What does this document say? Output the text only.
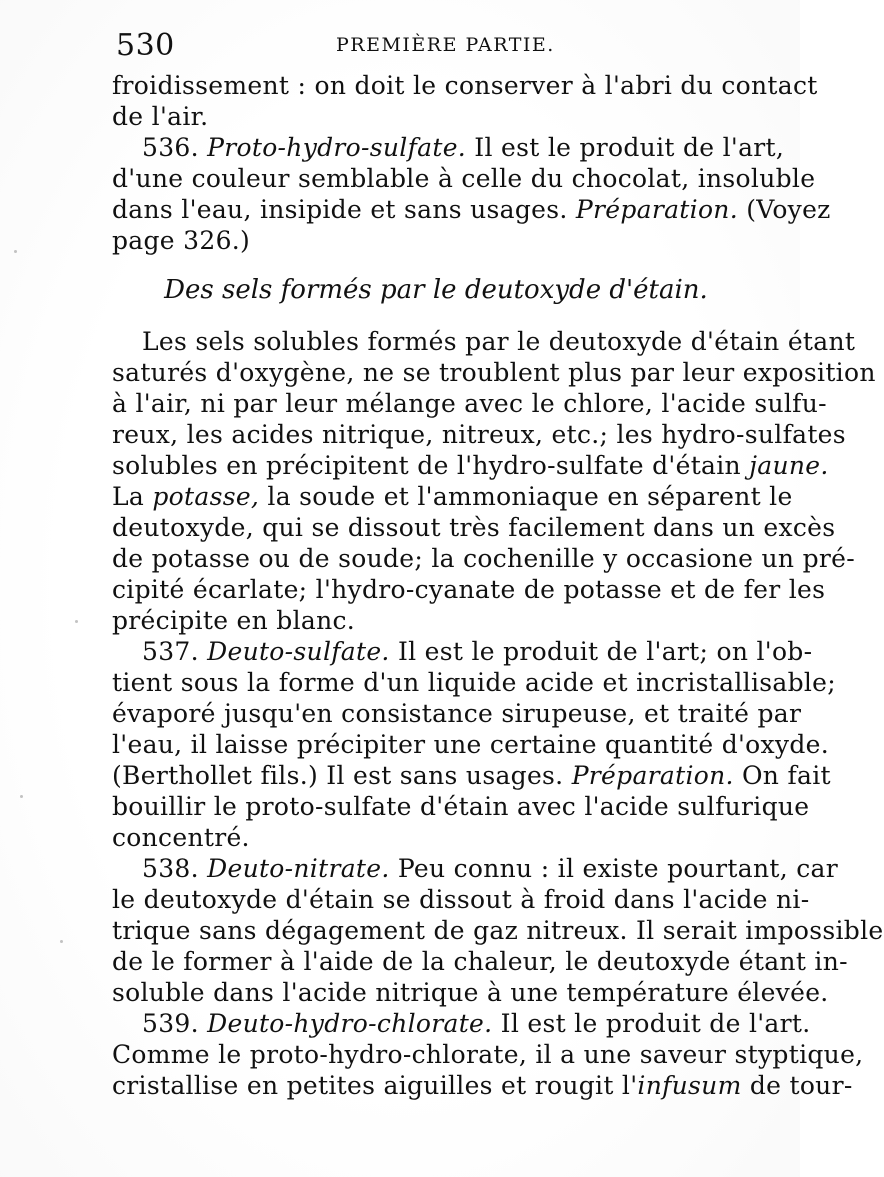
530	PREMIÈRE PARTIE.
froidissement : on doit le conserver à l'abri du contact
de l'air.
536. Proto-hydro-sulfate. Il est le produit de l'art,
d'une couleur semblable à celle du chocolat, insoluble
dans l'eau, insipide et sans usages. Préparation. (Voyez
page 326.)
Des sels formés par le deutoxyde d'étain.
Les sels solubles formés par le deutoxyde d'étain étant
saturés d'oxygène, ne se troublent plus par leur exposition
à l'air, ni par leur mélange avec le chlore, l'acide sulfu-
reux, les acides nitrique, nitreux, etc.; les hydro-sulfates
solubles en précipitent de l'hydro-sulfate d'étain jaune.
La potasse, la soude et l'ammoniaque en séparent le
deutoxyde, qui se dissout très facilement dans un excès
de potasse ou de soude; la cochenille y occasione un pré-
cipité écarlate; l'hydro-cyanate de potasse et de fer les
précipite en blanc.
537. Deuto-sulfate. Il est le produit de l'art; on l'ob-
tient sous la forme d'un liquide acide et incristallisable;
évaporé jusqu'en consistance sirupeuse, et traité par
l'eau, il laisse précipiter une certaine quantité d'oxyde.
(Berthollet fils.) Il est sans usages. Préparation. On fait
bouillir le proto-sulfate d'étain avec l'acide sulfurique
concentré.
538. Deuto-nitrate. Peu connu : il existe pourtant, car
le deutoxyde d'étain se dissout à froid dans l'acide ni-
trique sans dégagement de gaz nitreux. Il serait impossible
de le former à l'aide de la chaleur, le deutoxyde étant in-
soluble dans l'acide nitrique à une température élevée.
539. Deuto-hydro-chlorate. Il est le produit de l'art.
Comme le proto-hydro-chlorate, il a une saveur styptique,
cristallise en petites aiguilles et rougit l'infusum de tour-
